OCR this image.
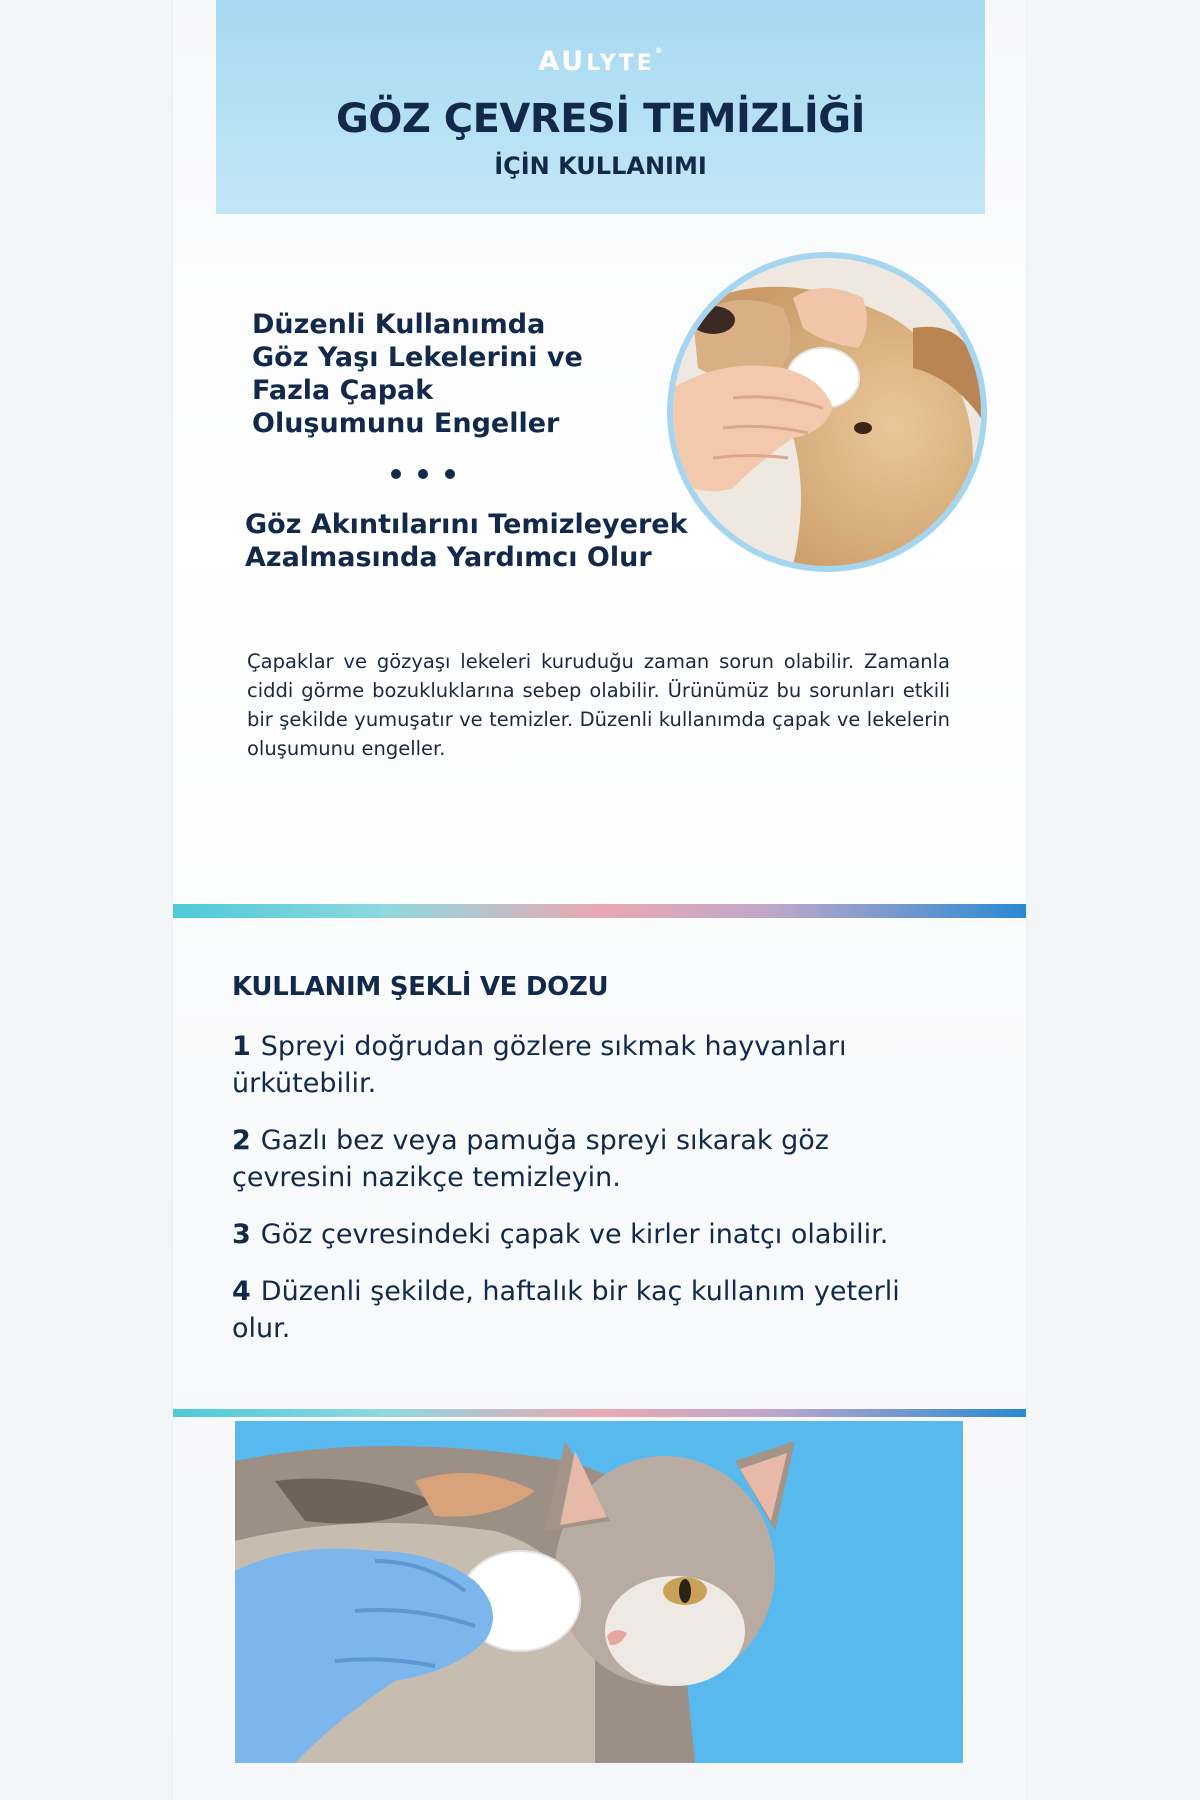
AULYTE®
GÖZ ÇEVRESİ TEMİZLİĞİ
İÇİN KULLANIMI
Düzenli Kullanımda
Göz Yaşı Lekelerini ve
Fazla Çapak
Oluşumunu Engeller
Göz Akıntılarını Temizleyerek
Azalmasında Yardımcı Olur
Çapaklar ve gözyaşı lekeleri kuruduğu zaman sorun olabilir. Zamanla ciddi görme bozukluklarına sebep olabilir. Ürünümüz bu sorunları etkili bir şekilde yumuşatır ve temizler. Düzenli kullanımda çapak ve lekelerin oluşumunu engeller.
KULLANIM ŞEKLİ VE DOZU
1 Spreyi doğrudan gözlere sıkmak hayvanları ürkütebilir.
2 Gazlı bez veya pamuğa spreyi sıkarak göz çevresini nazikçe temizleyin.
3 Göz çevresindeki çapak ve kirler inatçı olabilir.
4 Düzenli şekilde, haftalık bir kaç kullanım yeterli olur.
